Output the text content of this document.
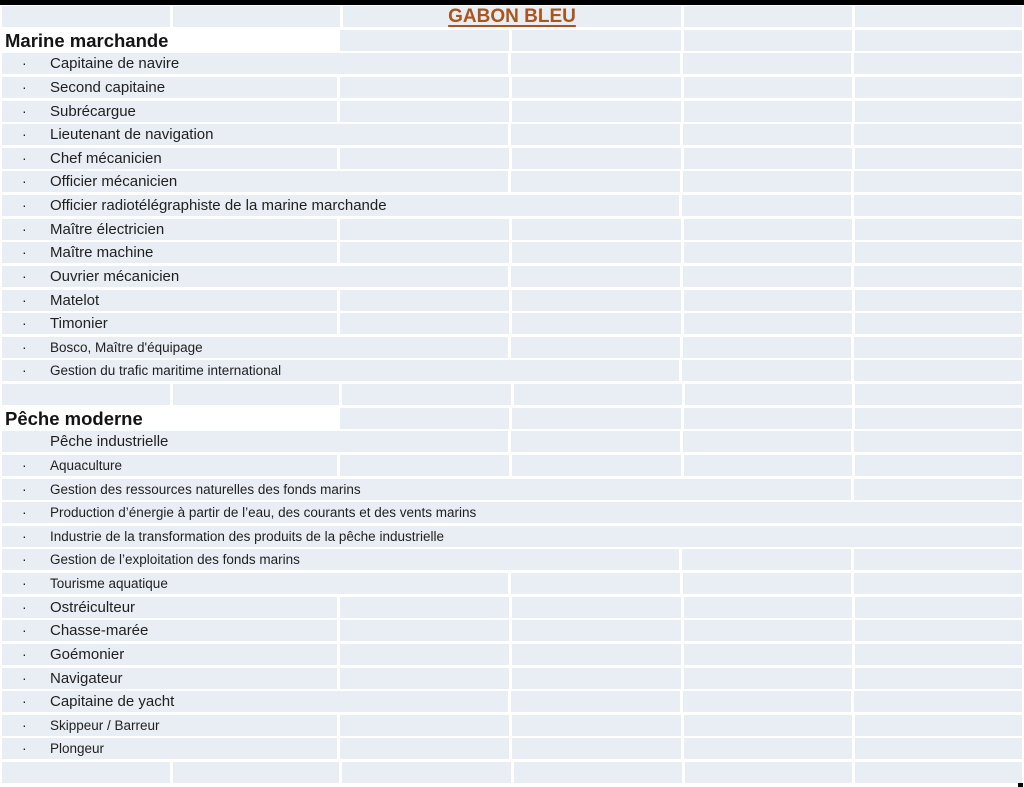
GABON BLEU
Marine marchande
·	Capitaine de navire
·	Second capitaine
·	Subrécargue
·	Lieutenant de navigation
·	Chef mécanicien
·	Officier mécanicien
·	Officier radiotélégraphiste de la marine marchande
·	Maître électricien
·	Maître machine
·	Ouvrier mécanicien
·	Matelot
·	Timonier
·	Bosco, Maître d'équipage
·	Gestion du trafic maritime international
Pêche moderne
Pêche industrielle
·	Aquaculture
·	Gestion des ressources naturelles des fonds marins
·	Production d’énergie à partir de l’eau, des courants et des vents marins
·	Industrie de la transformation des produits de la pêche industrielle
·	Gestion de l’exploitation des fonds marins
·	Tourisme aquatique
·	Ostréiculteur
·	Chasse-marée
·	Goémonier
·	Navigateur
·	Capitaine de yacht
·	Skippeur / Barreur
·	Plongeur
